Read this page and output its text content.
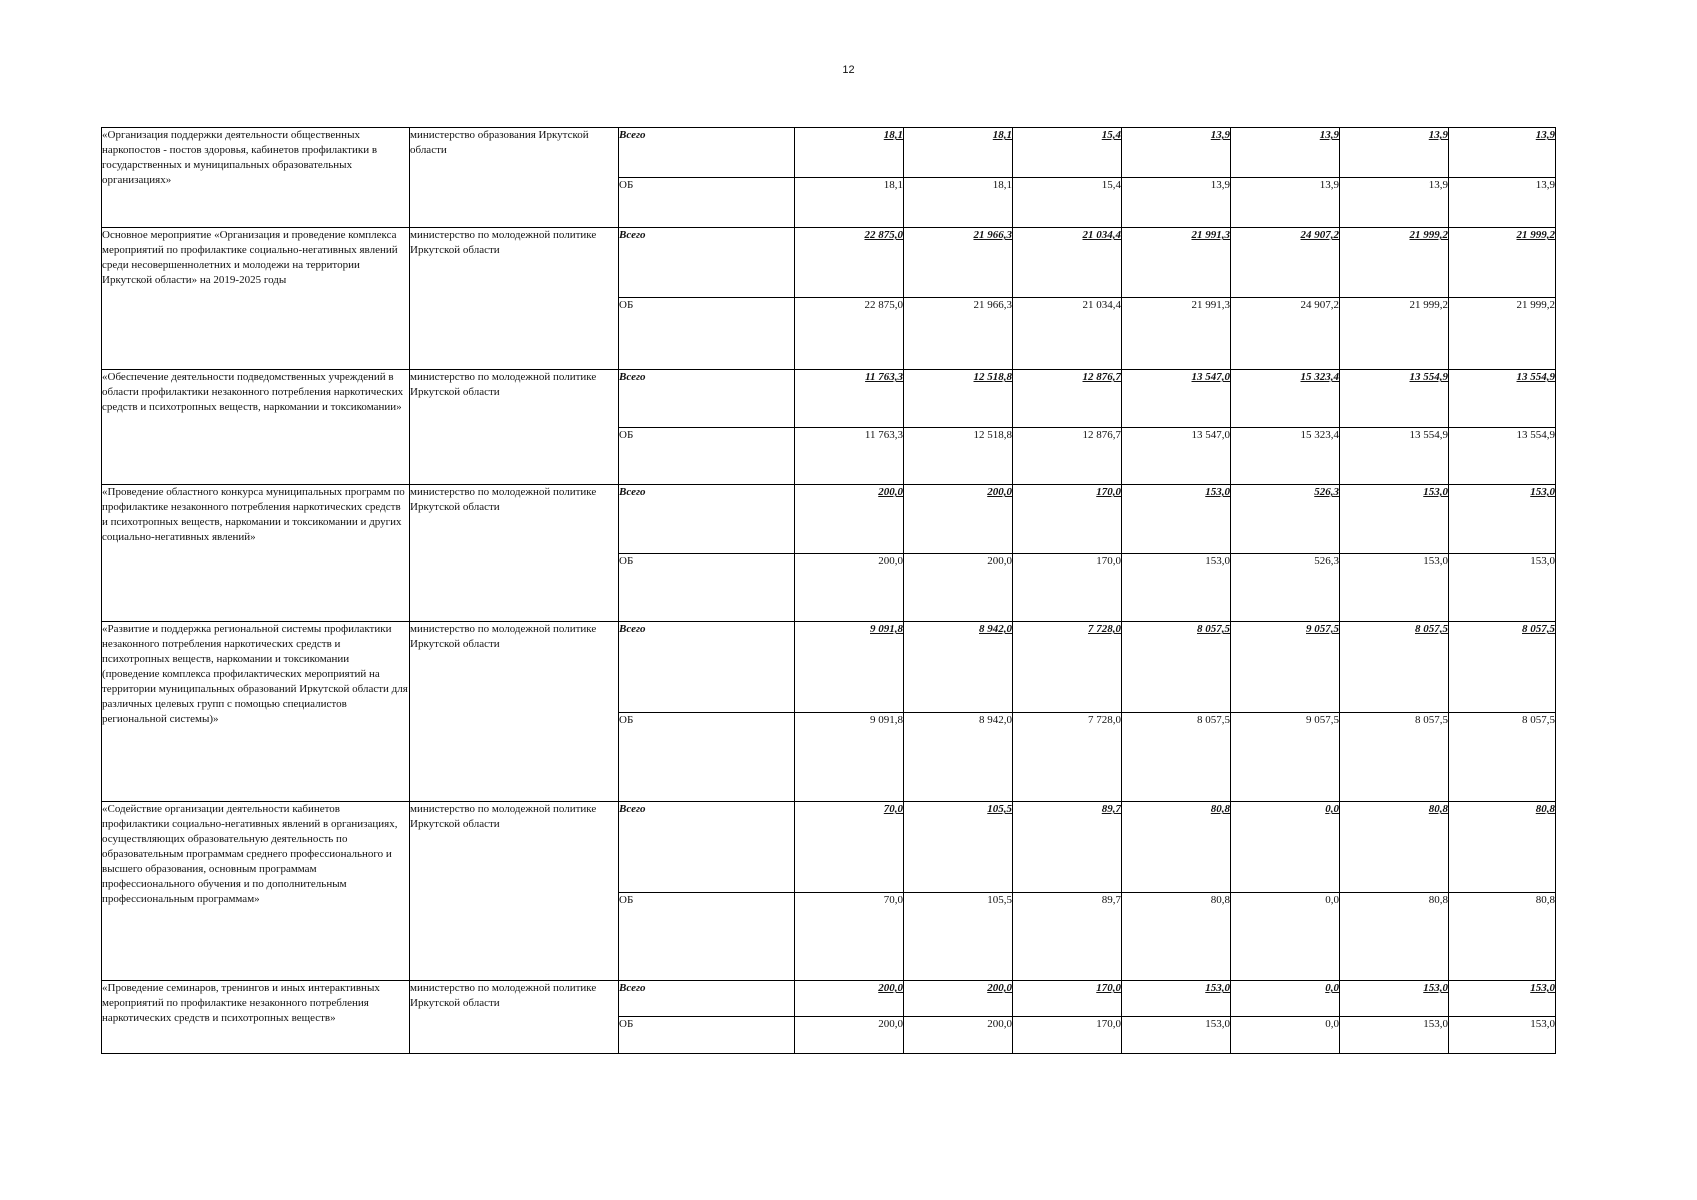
12
«Организация поддержки деятельности общественных наркопостов - постов здоровья, кабинетов профилактики в государственных и муниципальных образовательных организациях»	министерство образования Иркутской области	Всего	18,1	18,1	15,4	13,9	13,9	13,9	13,9
		ОБ	18,1	18,1	15,4	13,9	13,9	13,9	13,9
Основное мероприятие «Организация и проведение комплекса мероприятий по профилактике социально-негативных явлений среди несовершеннолетних и молодежи на территории Иркутской области» на 2019-2025 годы	министерство по молодежной политике Иркутской области	Всего	22 875,0	21 966,3	21 034,4	21 991,3	24 907,2	21 999,2	21 999,2
		ОБ	22 875,0	21 966,3	21 034,4	21 991,3	24 907,2	21 999,2	21 999,2
«Обеспечение деятельности подведомственных учреждений в области профилактики незаконного потребления наркотических средств и психотропных веществ, наркомании и токсикомании»	министерство по молодежной политике Иркутской области	Всего	11 763,3	12 518,8	12 876,7	13 547,0	15 323,4	13 554,9	13 554,9
		ОБ	11 763,3	12 518,8	12 876,7	13 547,0	15 323,4	13 554,9	13 554,9
«Проведение областного конкурса муниципальных программ по профилактике незаконного потребления наркотических средств и психотропных веществ, наркомании и токсикомании и других социально-негативных явлений»	министерство по молодежной политике Иркутской области	Всего	200,0	200,0	170,0	153,0	526,3	153,0	153,0
		ОБ	200,0	200,0	170,0	153,0	526,3	153,0	153,0
«Развитие и поддержка региональной системы профилактики незаконного потребления наркотических средств и психотропных веществ, наркомании и токсикомании (проведение комплекса профилактических мероприятий на территории муниципальных образований Иркутской области для различных целевых групп с помощью специалистов региональной системы)»	министерство по молодежной политике Иркутской области	Всего	9 091,8	8 942,0	7 728,0	8 057,5	9 057,5	8 057,5	8 057,5
		ОБ	9 091,8	8 942,0	7 728,0	8 057,5	9 057,5	8 057,5	8 057,5
«Содействие организации деятельности кабинетов профилактики социально-негативных явлений в организациях, осуществляющих образовательную деятельность по образовательным программам среднего профессионального и высшего образования, основным программам профессионального обучения и по дополнительным профессиональным программам»	министерство по молодежной политике Иркутской области	Всего	70,0	105,5	89,7	80,8	0,0	80,8	80,8
		ОБ	70,0	105,5	89,7	80,8	0,0	80,8	80,8
«Проведение семинаров, тренингов и иных интерактивных мероприятий по профилактике незаконного потребления наркотических средств и психотропных веществ»	министерство по молодежной политике Иркутской области	Всего	200,0	200,0	170,0	153,0	0,0	153,0	153,0
		ОБ	200,0	200,0	170,0	153,0	0,0	153,0	153,0
